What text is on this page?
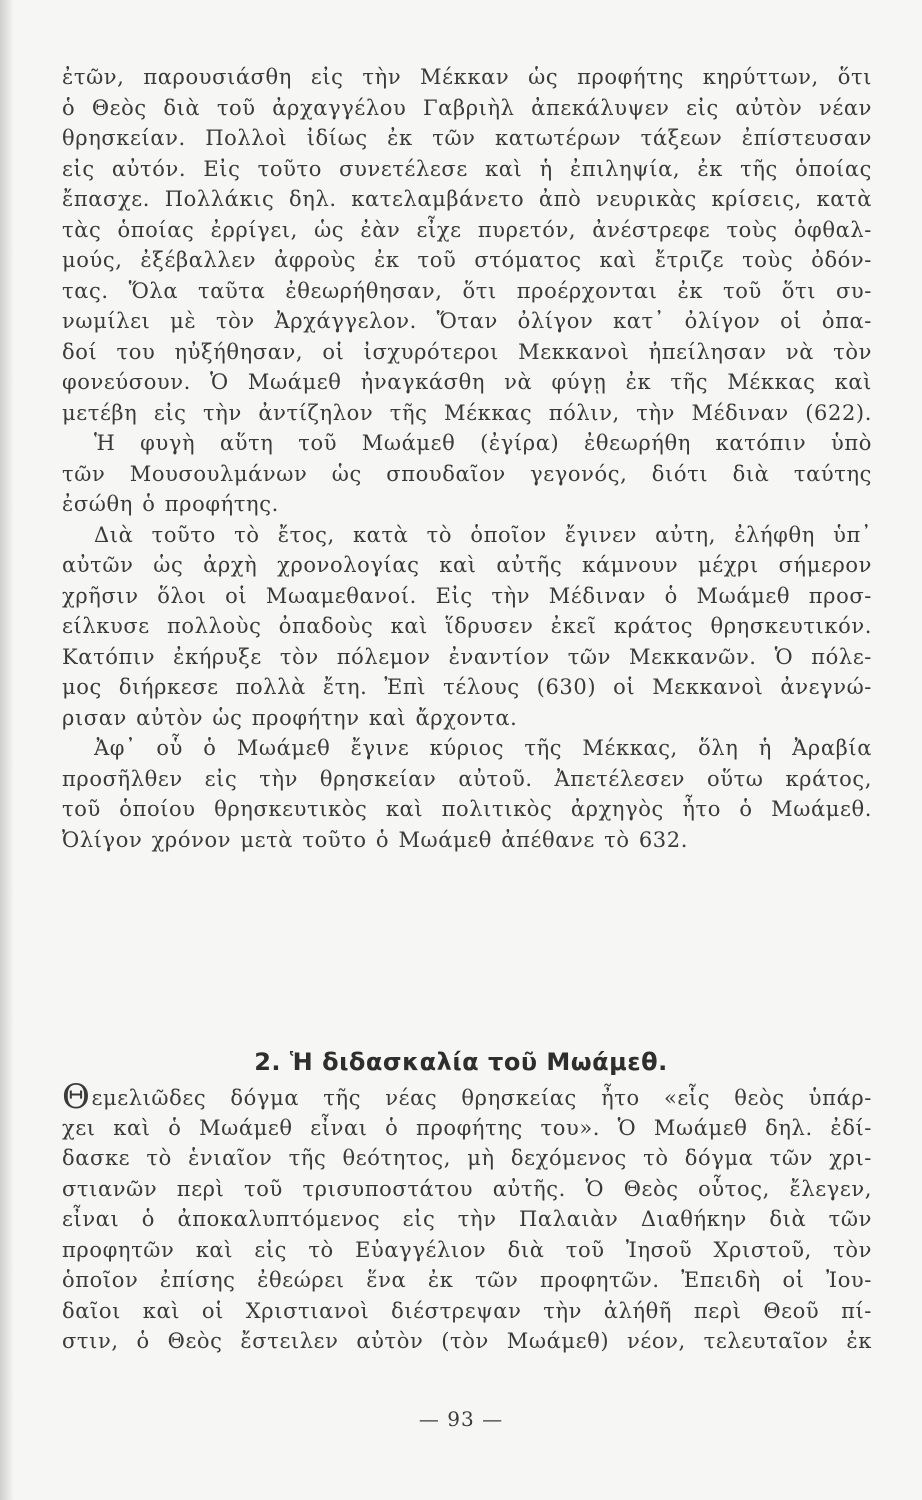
ἐτῶν, παρουσιάσθη εἰς τὴν Μέκκαν ὡς προφήτης κηρύττων, ὅτι
ὁ Θεὸς διὰ τοῦ ἀρχαγγέλου Γαβριὴλ ἀπεκάλυψεν εἰς αὐτὸν νέαν
θρησκείαν. Πολλοὶ ἰδίως ἐκ τῶν κατωτέρων τάξεων ἐπίστευσαν
εἰς αὐτόν. Εἰς τοῦτο συνετέλεσε καὶ ἡ ἐπιληψία, ἐκ τῆς ὁποίας
ἔπασχε. Πολλάκις δηλ. κατελαμβάνετο ἀπὸ νευρικὰς κρίσεις, κατὰ
τὰς ὁποίας ἐρρίγει, ὡς ἐὰν εἶχε πυρετόν, ἀνέστρεφε τοὺς ὀφθαλ-
μούς, ἐξέβαλλεν ἀφροὺς ἐκ τοῦ στόματος καὶ ἔτριζε τοὺς ὀδόν-
τας. Ὅλα ταῦτα ἐθεωρήθησαν, ὅτι προέρχονται ἐκ τοῦ ὅτι συ-
νωμίλει μὲ τὸν Ἀρχάγγελον. Ὅταν ὀλίγον κατ᾽ ὀλίγον οἱ ὀπα-
δοί του ηὐξήθησαν, οἱ ἰσχυρότεροι Μεκκανοὶ ἠπείλησαν νὰ τὸν
φονεύσουν. Ὁ Μωάμεθ ἠναγκάσθη νὰ φύγῃ ἐκ τῆς Μέκκας καὶ
μετέβη εἰς τὴν ἀντίζηλον τῆς Μέκκας πόλιν, τὴν Μέδιναν (622).
Ἡ φυγὴ αὕτη τοῦ Μωάμεθ (ἐγίρα) ἐθεωρήθη κατόπιν ὑπὸ
τῶν Μουσουλμάνων ὡς σπουδαῖον γεγονός, διότι διὰ ταύτης
ἐσώθη ὁ προφήτης.
Διὰ τοῦτο τὸ ἔτος, κατὰ τὸ ὁποῖον ἔγινεν αὐτη, ἐλήφθη ὑπ᾽
αὐτῶν ὡς ἀρχὴ χρονολογίας καὶ αὐτῆς κάμνουν μέχρι σήμερον
χρῆσιν ὅλοι οἱ Μωαμεθανοί. Εἰς τὴν Μέδιναν ὁ Μωάμεθ προσ-
είλκυσε πολλοὺς ὀπαδοὺς καὶ ἵδρυσεν ἐκεῖ κράτος θρησκευτικόν.
Κατόπιν ἐκήρυξε τὸν πόλεμον ἐναντίον τῶν Μεκκανῶν. Ὁ πόλε-
μος διήρκεσε πολλὰ ἔτη. Ἐπὶ τέλους (630) οἱ Μεκκανοὶ ἀνεγνώ-
ρισαν αὐτὸν ὡς προφήτην καὶ ἄρχοντα.
Ἀφ᾽ οὗ ὁ Μωάμεθ ἔγινε κύριος τῆς Μέκκας, ὅλη ἡ Ἀραβία
προσῆλθεν εἰς τὴν θρησκείαν αὐτοῦ. Ἀπετέλεσεν οὕτω κράτος,
τοῦ ὁποίου θρησκευτικὸς καὶ πολιτικὸς ἀρχηγὸς ἦτο ὁ Μωάμεθ.
Ὀλίγον χρόνον μετὰ τοῦτο ὁ Μωάμεθ ἀπέθανε τὸ 632.
2. Ἡ διδασκαλία τοῦ Μωάμεθ.
Θεμελιῶδες δόγμα τῆς νέας θρησκείας ἦτο «εἷς θεὸς ὑπάρ-
χει καὶ ὁ Μωάμεθ εἶναι ὁ προφήτης του». Ὁ Μωάμεθ δηλ. ἐδί-
δασκε τὸ ἑνιαῖον τῆς θεότητος, μὴ δεχόμενος τὸ δόγμα τῶν χρι-
στιανῶν περὶ τοῦ τρισυποστάτου αὐτῆς. Ὁ Θεὸς οὗτος, ἔλεγεν,
εἶναι ὁ ἀποκαλυπτόμενος εἰς τὴν Παλαιὰν Διαθήκην διὰ τῶν
προφητῶν καὶ εἰς τὸ Εὐαγγέλιον διὰ τοῦ Ἰησοῦ Χριστοῦ, τὸν
ὁποῖον ἐπίσης ἐθεώρει ἕνα ἐκ τῶν προφητῶν. Ἐπειδὴ οἱ Ἰου-
δαῖοι καὶ οἱ Χριστιανοὶ διέστρεψαν τὴν ἀλήθῆ περὶ Θεοῦ πί-
στιν, ὁ Θεὸς ἔστειλεν αὐτὸν (τὸν Μωάμεθ) νέον, τελευταῖον ἐκ
— 93 —
